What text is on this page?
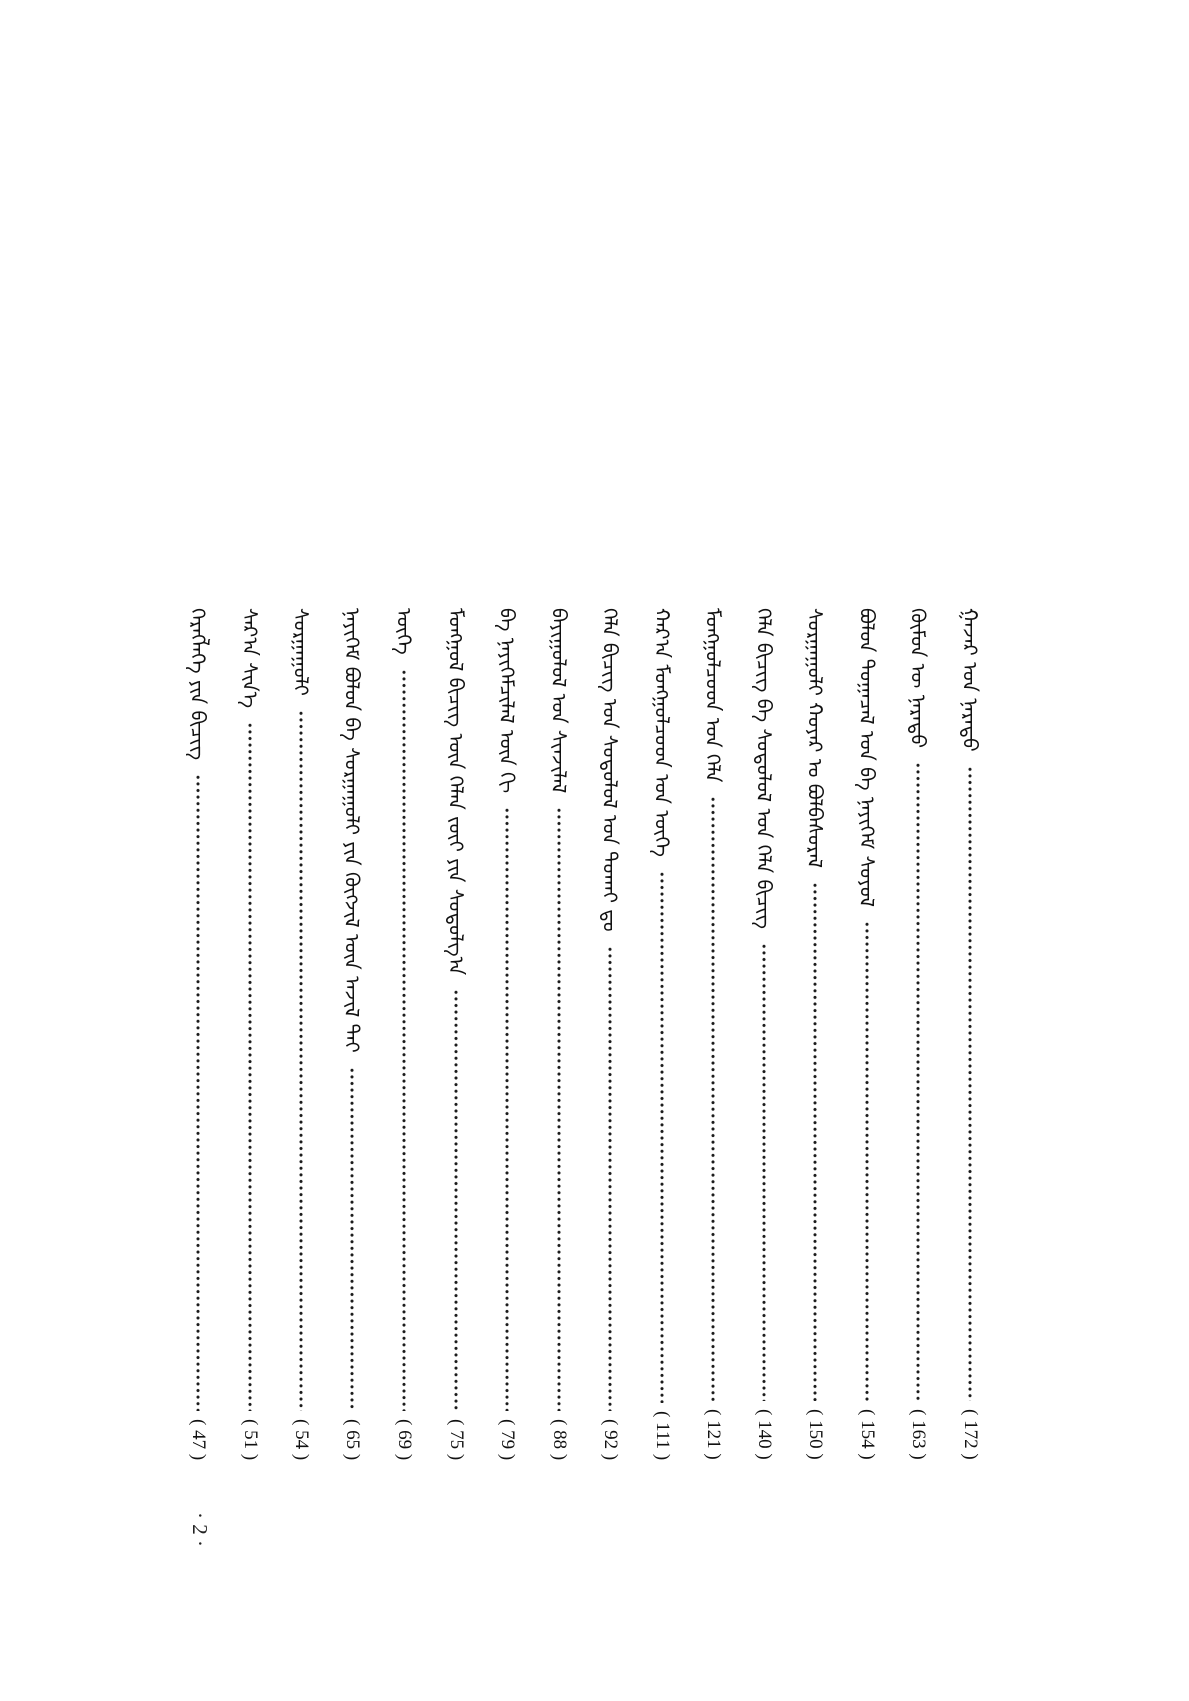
ᠬᠡᠷᠡᠭᠯᠡᠭᠡ ᠶᠢᠨ ᠪᠢᠴᠢᠭ
( 47 )
ᠰᠠᠷ᠎ᠠ ᠰᠢᠨ᠎ᠡ
( 51 )
ᠰᠤᠷᠭᠠᠭᠤᠯᠢ
( 54 )
ᠨᠡᠶᠢᠭᠡᠮ ᠪᠣᠯᠣᠨ ᠪᠡ ᠰᠤᠷᠭᠠᠭᠤᠯᠢ ᠶᠢᠨ ᠬᠥᠭᠵᠢᠯ ᠦᠨ ᠠᠵᠢᠯ ᠲᠠᠢ
( 65 )
ᠦᠭᠡ
( 69 )
ᠮᠣᠩᠭᠣᠯ ᠪᠢᠴᠢᠭ ᠦᠨ ᠬᠡᠯᠡᠨ ᠵᠦᠢ ᠶᠢᠨ ᠰᠤᠳᠤᠯᠭ᠎ᠠ
( 75 )
ᠪᠠ ᠨᠡᠶᠢᠭᠡᠮᠴᠢᠯᠡᠯ ᠦᠨ ᠬᠢ
( 79 )
ᠪᠠᠶᠢᠭᠤᠯᠤᠯ ᠤᠨ ᠰᠢᠨᠵᠢᠯᠡᠯ
( 88 )
ᠬᠡᠯᠡ ᠪᠢᠴᠢᠭ ᠤᠨ ᠰᠤᠳᠤᠯᠤᠯ ᠤᠨ ᠲᠤᠬᠠᠢ ᠳᠤ
( 92 )
ᠬᠠᠷ᠎ᠠ ᠮᠣᠩᠭᠣᠯᠴᠤᠳ ᠤᠨ ᠦᠭᠡ
( 111 )
ᠮᠣᠩᠭᠣᠯᠴᠤᠳ ᠤᠨ ᠬᠡᠯᠡ
( 121 )
ᠬᠡᠯᠡ ᠪᠢᠴᠢᠭ ᠪᠠ ᠰᠤᠳᠤᠯᠤᠯ ᠤᠨ ᠬᠡᠯᠡ ᠪᠢᠴᠢᠭ
( 140 )
ᠰᠤᠷᠭᠠᠭᠤᠯᠢ ᠬᠣᠶᠠᠷ ᠤ ᠪᠣᠯᠪᠠᠰᠤᠷᠠᠯ
( 150 )
ᠪᠣᠯᠣᠨ ᠲᠣᠭᠠᠴᠠᠯ ᠤᠨ ᠪᠠ ᠨᠡᠶᠢᠭᠡᠮ ᠰᠣᠶᠣᠯ
( 154 )
ᠬᠦᠮᠦᠨ ᠦ ᠨᠡᠷᠡᠲᠦ
( 163 )
ᠭᠠᠵᠠᠷ ᠤᠨ ᠨᠡᠷᠡᠲᠦ
( 172 )
· 2 ·
